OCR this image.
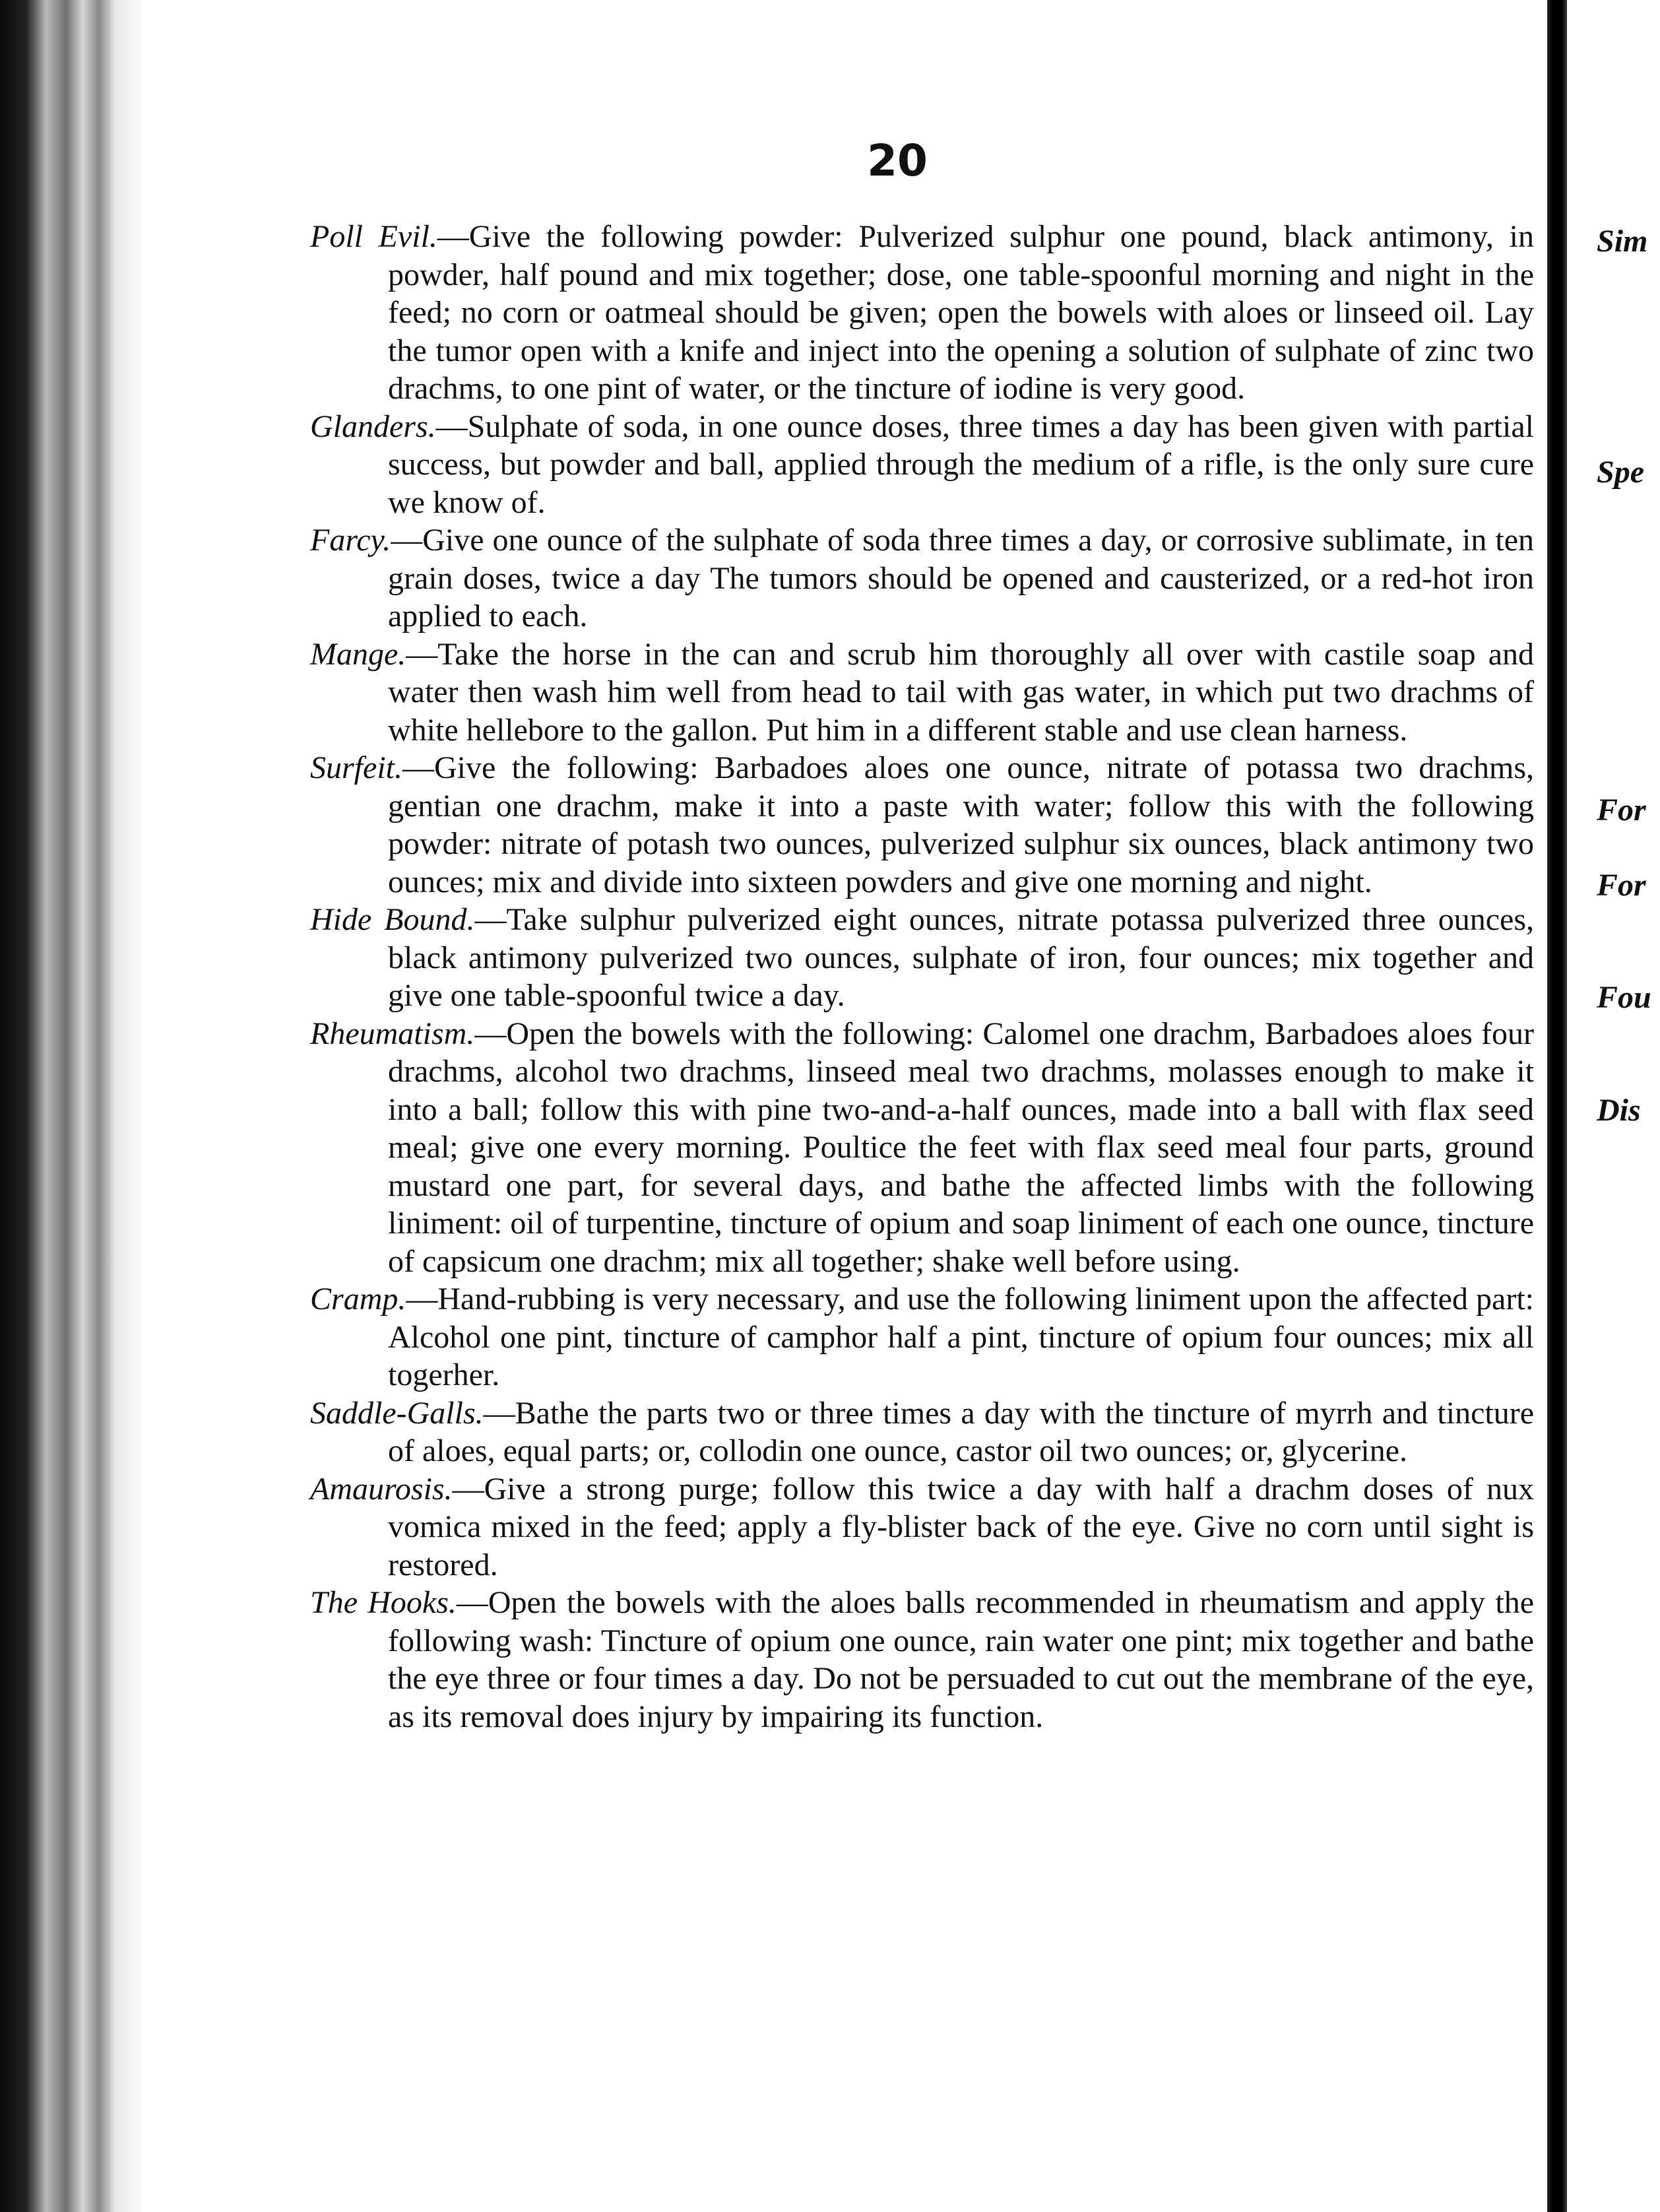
20

Poll Evil.—Give the following powder: Pulverized sulphur one pound, black antimony, in powder, half pound and mix together; dose, one table-spoonful morning and night in the feed; no corn or oatmeal should be given; open the bowels with aloes or linseed oil. Lay the tumor open with a knife and inject into the opening a solution of sulphate of zinc two drachms, to one pint of water, or the tincture of iodine is very good.

Glanders.—Sulphate of soda, in one ounce doses, three times a day has been given with partial success, but powder and ball, applied through the medium of a rifle, is the only sure cure we know of.

Farcy.—Give one ounce of the sulphate of soda three times a day, or corrosive sublimate, in ten grain doses, twice a day The tumors should be opened and causterized, or a red-hot iron applied to each.

Mange.—Take the horse in the can and scrub him thoroughly all over with castile soap and water then wash him well from head to tail with gas water, in which put two drachms of white hellebore to the gallon. Put him in a different stable and use clean harness.

Surfeit.—Give the following: Barbadoes aloes one ounce, nitrate of potassa two drachms, gentian one drachm, make it into a paste with water; follow this with the following powder: nitrate of potash two ounces, pulverized sulphur six ounces, black antimony two ounces; mix and divide into sixteen powders and give one morning and night.

Hide Bound.—Take sulphur pulverized eight ounces, nitrate potassa pulverized three ounces, black antimony pulverized two ounces, sulphate of iron, four ounces; mix together and give one table-spoonful twice a day.

Rheumatism.—Open the bowels with the following: Calomel one drachm, Barbadoes aloes four drachms, alcohol two drachms, linseed meal two drachms, molasses enough to make it into a ball; follow this with pine two-and-a-half ounces, made into a ball with flax seed meal; give one every morning. Poultice the feet with flax seed meal four parts, ground mustard one part, for several days, and bathe the affected limbs with the following liniment: oil of turpentine, tincture of opium and soap liniment of each one ounce, tincture of capsicum one drachm; mix all together; shake well before using.

Cramp.—Hand-rubbing is very necessary, and use the following liniment upon the affected part: Alcohol one pint, tincture of camphor half a pint, tincture of opium four ounces; mix all togerher.

Saddle-Galls.—Bathe the parts two or three times a day with the tincture of myrrh and tincture of aloes, equal parts; or, collodin one ounce, castor oil two ounces; or, glycerine.

Amaurosis.—Give a strong purge; follow this twice a day with half a drachm doses of nux vomica mixed in the feed; apply a fly-blister back of the eye. Give no corn until sight is restored.

The Hooks.—Open the bowels with the aloes balls recommended in rheumatism and apply the following wash: Tincture of opium one ounce, rain water one pint; mix together and bathe the eye three or four times a day. Do not be persuaded to cut out the membrane of the eye, as its removal does injury by impairing its function.

Sim
Spe
For
For
Fou
Dis
